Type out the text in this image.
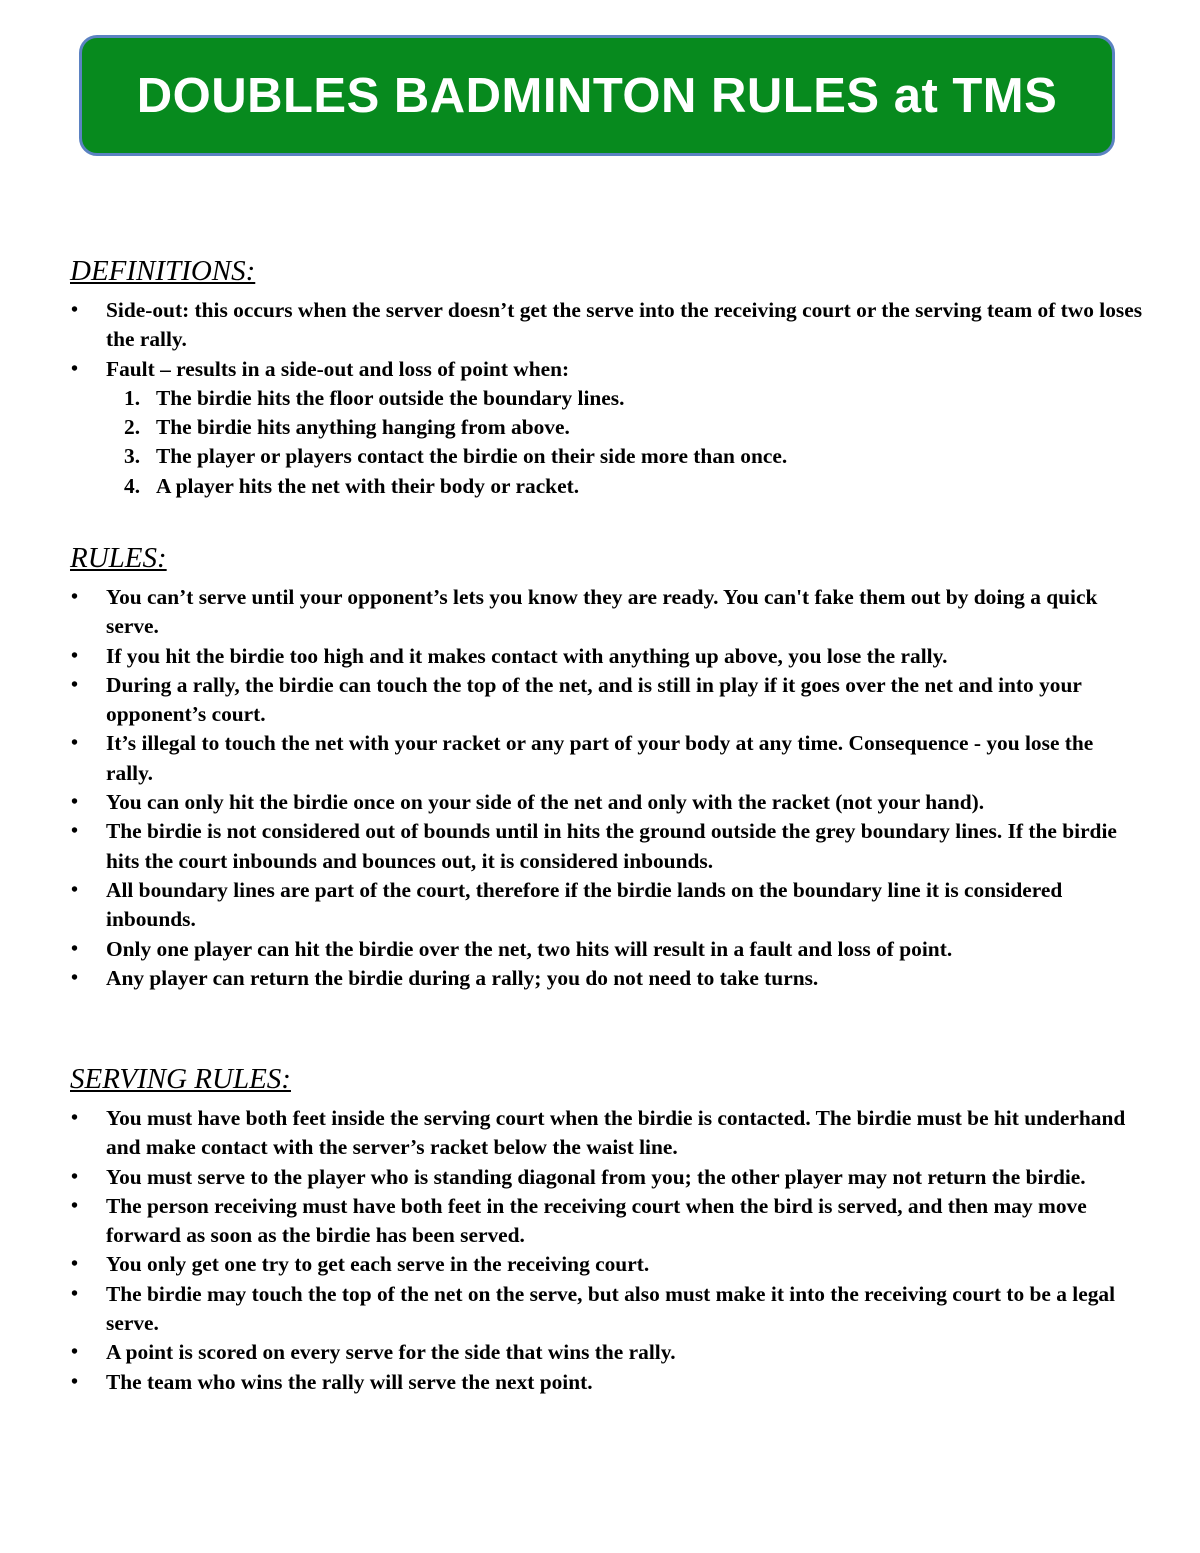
DOUBLES BADMINTON RULES at TMS
DEFINITIONS:
• Side-out: this occurs when the server doesn’t get the serve into the receiving court or the serving team of two loses the rally.
• Fault – results in a side-out and loss of point when:
1. The birdie hits the floor outside the boundary lines.
2. The birdie hits anything hanging from above.
3. The player or players contact the birdie on their side more than once.
4. A player hits the net with their body or racket.
RULES:
• You can’t serve until your opponent’s lets you know they are ready. You can't fake them out by doing a quick serve.
• If you hit the birdie too high and it makes contact with anything up above, you lose the rally.
• During a rally, the birdie can touch the top of the net, and is still in play if it goes over the net and into your opponent’s court.
• It’s illegal to touch the net with your racket or any part of your body at any time. Consequence - you lose the rally.
• You can only hit the birdie once on your side of the net and only with the racket (not your hand).
• The birdie is not considered out of bounds until in hits the ground outside the grey boundary lines. If the birdie hits the court inbounds and bounces out, it is considered inbounds.
• All boundary lines are part of the court, therefore if the birdie lands on the boundary line it is considered inbounds.
• Only one player can hit the birdie over the net, two hits will result in a fault and loss of point.
• Any player can return the birdie during a rally; you do not need to take turns.
SERVING RULES:
• You must have both feet inside the serving court when the birdie is contacted. The birdie must be hit underhand and make contact with the server’s racket below the waist line.
• You must serve to the player who is standing diagonal from you; the other player may not return the birdie.
• The person receiving must have both feet in the receiving court when the bird is served, and then may move forward as soon as the birdie has been served.
• You only get one try to get each serve in the receiving court.
• The birdie may touch the top of the net on the serve, but also must make it into the receiving court to be a legal serve.
• A point is scored on every serve for the side that wins the rally.
• The team who wins the rally will serve the next point.
